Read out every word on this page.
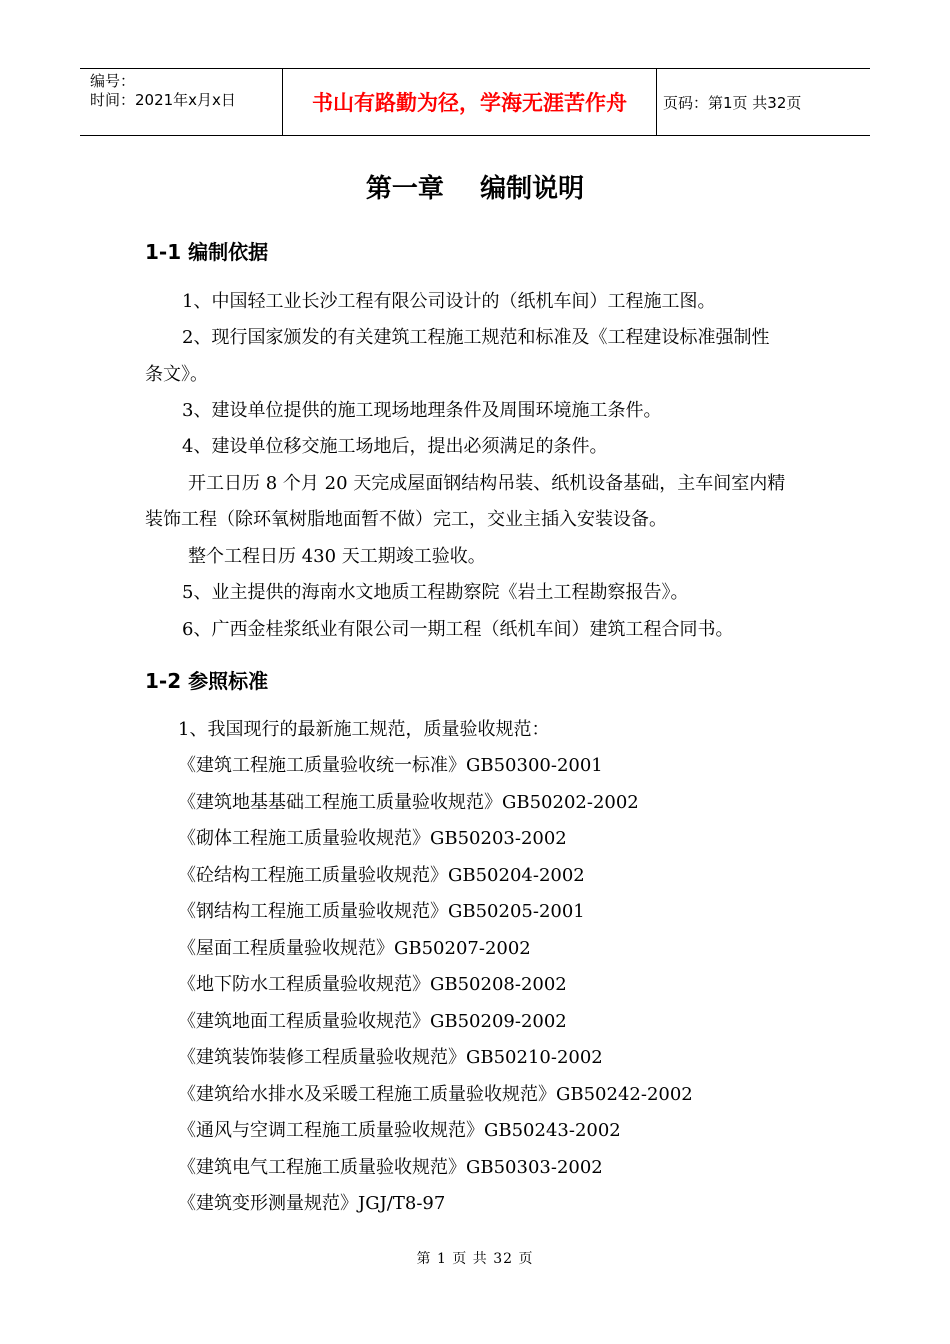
编号：
时间：2021年x月x日	书山有路勤为径，学海无涯苦作舟	页码：第1页 共32页
第一章    编制说明
1-1 编制依据
1、中国轻工业长沙工程有限公司设计的（纸机车间）工程施工图。
2、现行国家颁发的有关建筑工程施工规范和标准及《工程建设标准强制性
条文》。
3、建设单位提供的施工现场地理条件及周围环境施工条件。
4、建设单位移交施工场地后，提出必须满足的条件。
开工日历 8 个月 20 天完成屋面钢结构吊装、纸机设备基础，主车间室内精
装饰工程（除环氧树脂地面暂不做）完工，交业主插入安装设备。
整个工程日历 430 天工期竣工验收。
5、业主提供的海南水文地质工程勘察院《岩土工程勘察报告》。
6、广西金桂浆纸业有限公司一期工程（纸机车间）建筑工程合同书。
1-2 参照标准
1、我国现行的最新施工规范，质量验收规范：
《建筑工程施工质量验收统一标准》GB50300-2001
《建筑地基基础工程施工质量验收规范》GB50202-2002
《砌体工程施工质量验收规范》GB50203-2002
《砼结构工程施工质量验收规范》GB50204-2002
《钢结构工程施工质量验收规范》GB50205-2001
《屋面工程质量验收规范》GB50207-2002
《地下防水工程质量验收规范》GB50208-2002
《建筑地面工程质量验收规范》GB50209-2002
《建筑装饰装修工程质量验收规范》GB50210-2002
《建筑给水排水及采暖工程施工质量验收规范》GB50242-2002
《通风与空调工程施工质量验收规范》GB50243-2002
《建筑电气工程施工质量验收规范》GB50303-2002
《建筑变形测量规范》JGJ/T8-97
第 1 页 共 32 页
